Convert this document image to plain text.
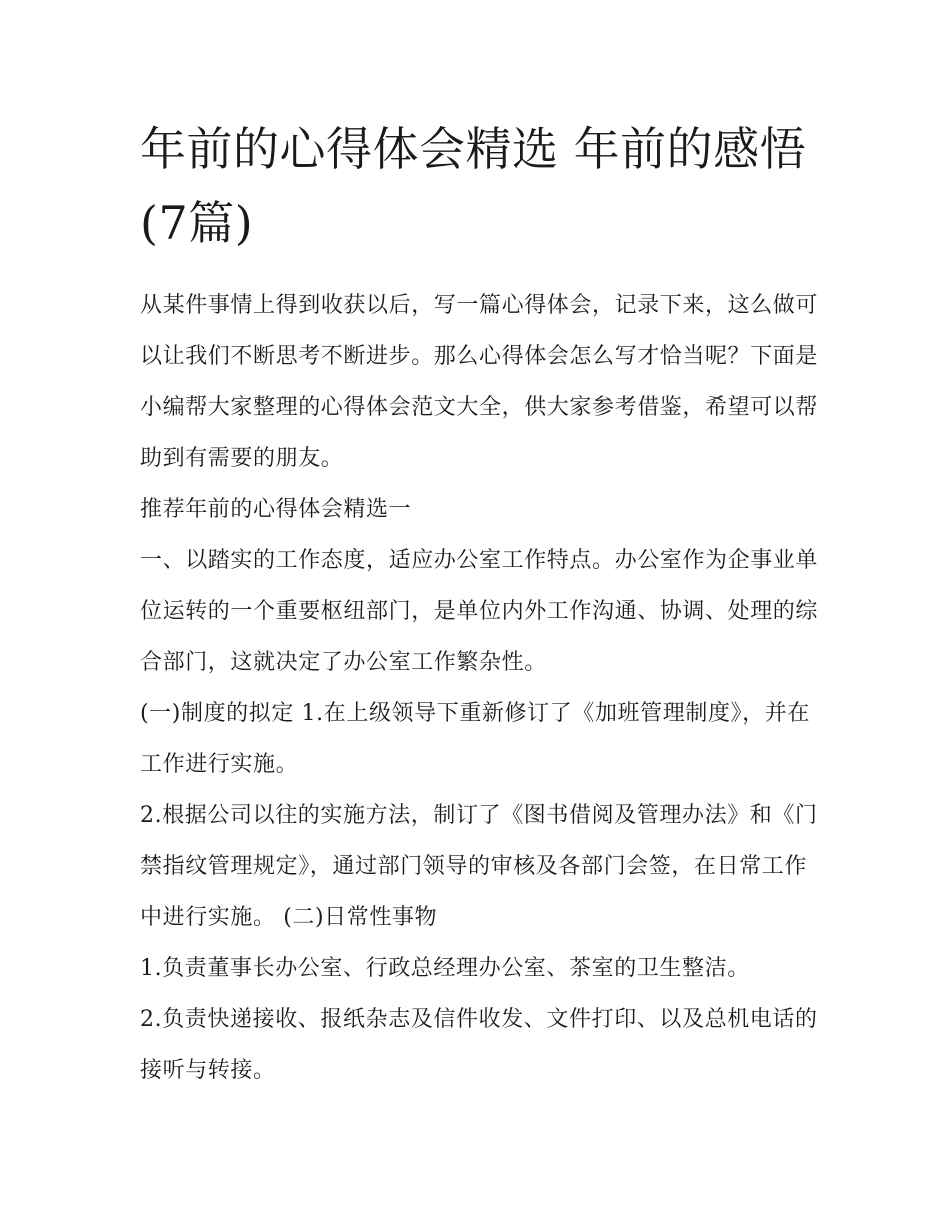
年前的心得体会精选 年前的感悟(7篇)

从某件事情上得到收获以后，写一篇心得体会，记录下来，这么做可以让我们不断思考不断进步。那么心得体会怎么写才恰当呢？下面是小编帮大家整理的心得体会范文大全，供大家参考借鉴，希望可以帮助到有需要的朋友。

推荐年前的心得体会精选一

一、以踏实的工作态度，适应办公室工作特点。办公室作为企事业单位运转的一个重要枢纽部门，是单位内外工作沟通、协调、处理的综合部门，这就决定了办公室工作繁杂性。

(一)制度的拟定 1.在上级领导下重新修订了《加班管理制度》，并在工作进行实施。

2.根据公司以往的实施方法，制订了《图书借阅及管理办法》和《门禁指纹管理规定》，通过部门领导的审核及各部门会签，在日常工作中进行实施。 (二)日常性事物

1.负责董事长办公室、行政总经理办公室、茶室的卫生整洁。

2.负责快递接收、报纸杂志及信件收发、文件打印、以及总机电话的接听与转接。
